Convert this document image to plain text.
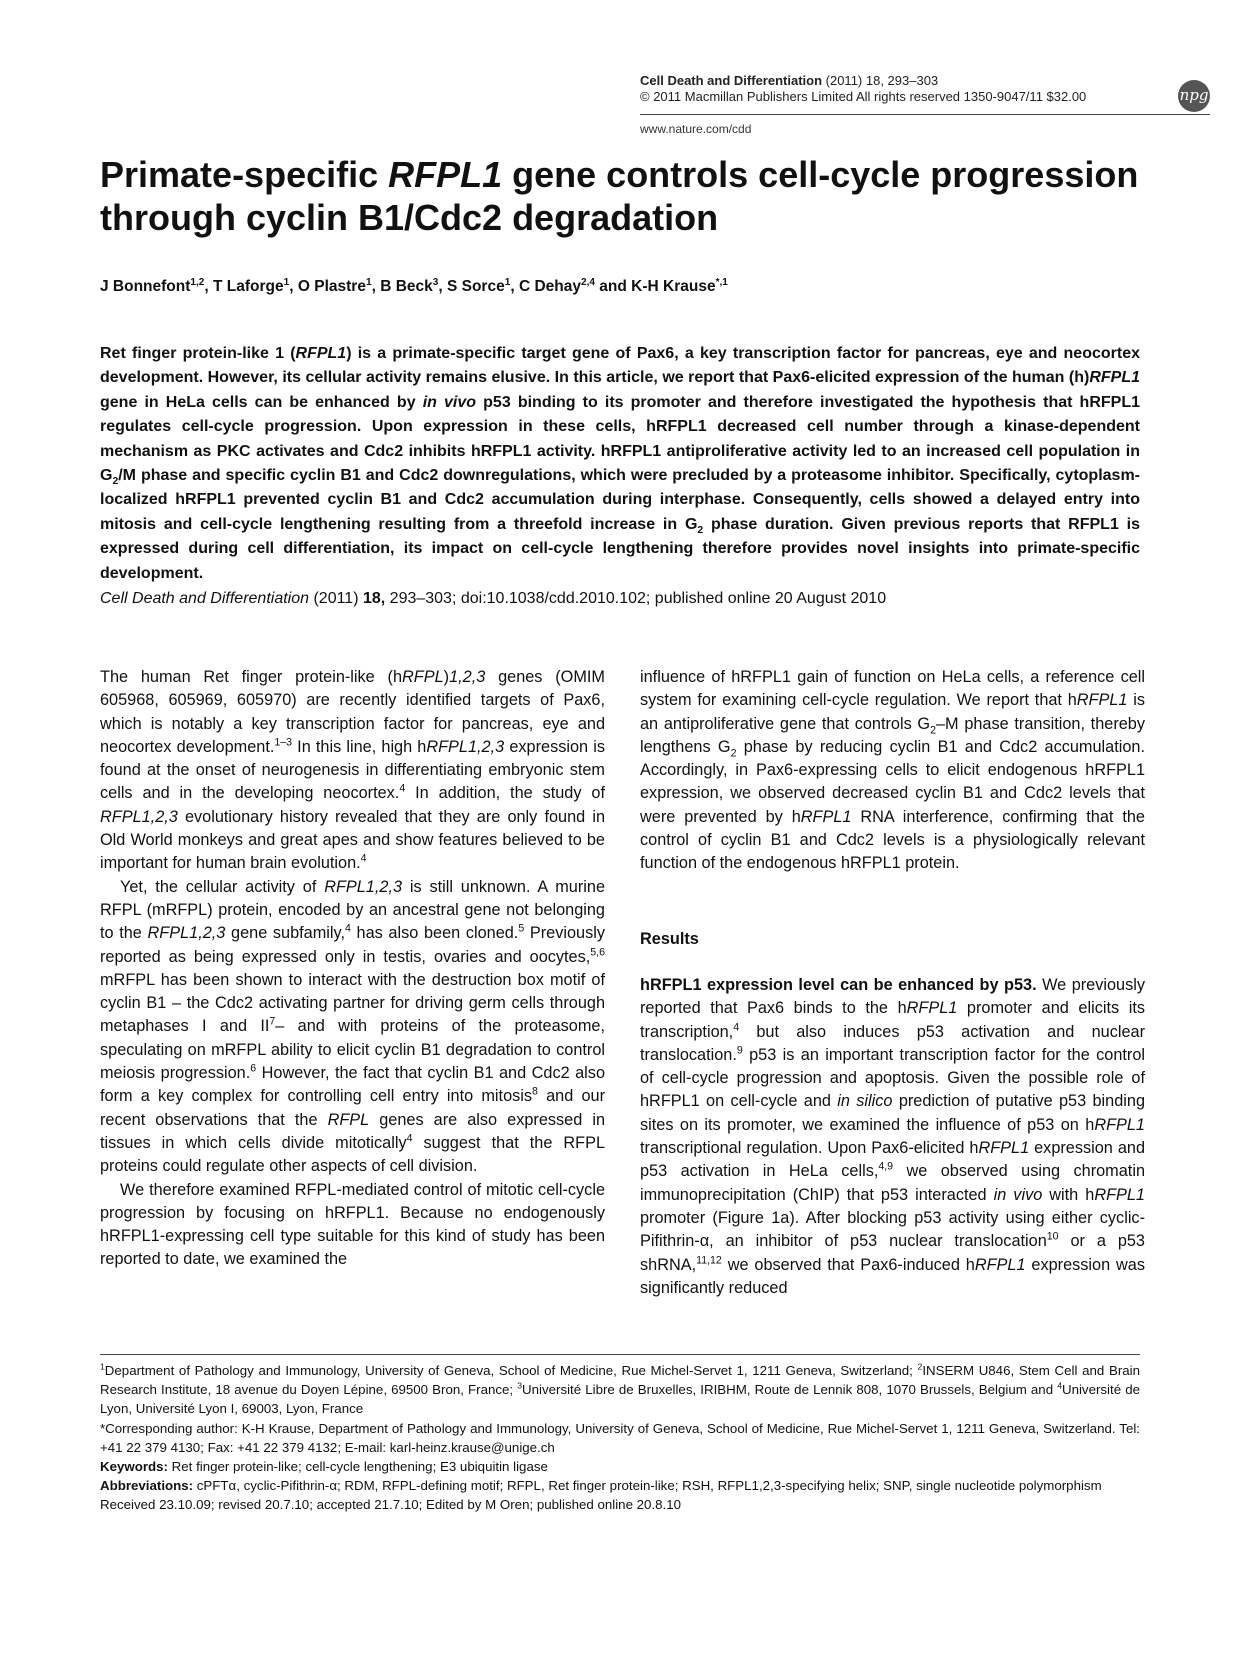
Cell Death and Differentiation (2011) 18, 293–303
© 2011 Macmillan Publishers Limited All rights reserved 1350-9047/11 $32.00
www.nature.com/cdd
npg
Primate-specific RFPL1 gene controls cell-cycle progression through cyclin B1/Cdc2 degradation
J Bonnefont$^{1,2}$, T Laforge$^1$, O Plastre$^1$, B Beck$^3$, S Sorce$^1$, C Dehay$^{2,4}$ and K-H Krause$^{*,1}$

Ret finger protein-like 1 (RFPL1) is a primate-specific target gene of Pax6, a key transcription factor for pancreas, eye and neocortex development. However, its cellular activity remains elusive. In this article, we report that Pax6-elicited expression of the human (h)RFPL1 gene in HeLa cells can be enhanced by in vivo p53 binding to its promoter and therefore investigated the hypothesis that hRFPL1 regulates cell-cycle progression. Upon expression in these cells, hRFPL1 decreased cell number through a kinase-dependent mechanism as PKC activates and Cdc2 inhibits hRFPL1 activity. hRFPL1 antiproliferative activity led to an increased cell population in $G_2/M$ phase and specific cyclin B1 and Cdc2 downregulations, which were precluded by a proteasome inhibitor. Specifically, cytoplasm-localized hRFPL1 prevented cyclin B1 and Cdc2 accumulation during interphase. Consequently, cells showed a delayed entry into mitosis and cell-cycle lengthening resulting from a threefold increase in $G_2$ phase duration. Given previous reports that RFPL1 is expressed during cell differentiation, its impact on cell-cycle lengthening therefore provides novel insights into primate-specific development.

Cell Death and Differentiation (2011) 18, 293–303; doi:10.1038/cdd.2010.102; published online 20 August 2010

The human Ret finger protein-like (hRFPL)1,2,3 genes (OMIM 605968, 605969, 605970) are recently identified targets of Pax6, which is notably a key transcription factor for pancreas, eye and neocortex development.$^{1-3}$ In this line, high hRFPL1,2,3 expression is found at the onset of neurogenesis in differentiating embryonic stem cells and in the developing neocortex.$^4$ In addition, the study of RFPL1,2,3 evolutionary history revealed that they are only found in Old World monkeys and great apes and show features believed to be important for human brain evolution.$^4$

Yet, the cellular activity of RFPL1,2,3 is still unknown. A murine RFPL (mRFPL) protein, encoded by an ancestral gene not belonging to the RFPL1,2,3 gene subfamily,$^4$ has also been cloned.$^5$ Previously reported as being expressed only in testis, ovaries and oocytes,$^{5,6}$ mRFPL has been shown to interact with the destruction box motif of cyclin B1 – the Cdc2 activating partner for driving germ cells through metaphases I and $II^7-$ and with proteins of the proteasome, speculating on mRFPL ability to elicit cyclin B1 degradation to control meiosis progression.$^6$ However, the fact that cyclin B1 and Cdc2 also form a key complex for controlling cell entry into mitosis$^8$ and our recent observations that the RFPL genes are also expressed in tissues in which cells divide mitotically$^4$ suggest that the RFPL proteins could regulate other aspects of cell division.

We therefore examined RFPL-mediated control of mitotic cell-cycle progression by focusing on hRFPL1. Because no endogenously hRFPL1-expressing cell type suitable for this kind of study has been reported to date, we examined the

influence of hRFPL1 gain of function on HeLa cells, a reference cell system for examining cell-cycle regulation. We report that hRFPL1 is an antiproliferative gene that controls $G_2-M$ phase transition, thereby lengthens $G_2$ phase by reducing cyclin B1 and Cdc2 accumulation. Accordingly, in Pax6-expressing cells to elicit endogenous hRFPL1 expression, we observed decreased cyclin B1 and Cdc2 levels that were prevented by hRFPL1 RNA interference, confirming that the control of cyclin B1 and Cdc2 levels is a physiologically relevant function of the endogenous hRFPL1 protein.

Results

hRFPL1 expression level can be enhanced by p53. We previously reported that Pax6 binds to the hRFPL1 promoter and elicits its transcription,$^4$ but also induces p53 activation and nuclear translocation.$^9$ p53 is an important transcription factor for the control of cell-cycle progression and apoptosis. Given the possible role of hRFPL1 on cell-cycle and in silico prediction of putative p53 binding sites on its promoter, we examined the influence of p53 on hRFPL1 transcriptional regulation. Upon Pax6-elicited hRFPL1 expression and p53 activation in HeLa cells,$^{4,9}$ we observed using chromatin immunoprecipitation (ChIP) that p53 interacted in vivo with hRFPL1 promoter (Figure 1a). After blocking p53 activity using either cyclic-Pifithrin-α, an inhibitor of p53 nuclear translocation$^{10}$ or a p53 shRNA,$^{11,12}$ we observed that Pax6-induced hRFPL1 expression was significantly reduced

$^1$Department of Pathology and Immunology, University of Geneva, School of Medicine, Rue Michel-Servet 1, 1211 Geneva, Switzerland; $^2$INSERM U846, Stem Cell and Brain Research Institute, 18 avenue du Doyen Lépine, 69500 Bron, France; $^3$Université Libre de Bruxelles, IRIBHM, Route de Lennik 808, 1070 Brussels, Belgium and $^4$Université de Lyon, Université Lyon I, 69003, Lyon, France

*Corresponding author: K-H Krause, Department of Pathology and Immunology, University of Geneva, School of Medicine, Rue Michel-Servet 1, 1211 Geneva, Switzerland. Tel: +41 22 379 4130; Fax: +41 22 379 4132; E-mail: karl-heinz.krause@unige.ch

Keywords: Ret finger protein-like; cell-cycle lengthening; E3 ubiquitin ligase

Abbreviations: cPFTα, cyclic-Pifithrin-α; RDM, RFPL-defining motif; RFPL, Ret finger protein-like; RSH, RFPL1,2,3-specifying helix; SNP, single nucleotide polymorphism

Received 23.10.09; revised 20.7.10; accepted 21.7.10; Edited by M Oren; published online 20.8.10
